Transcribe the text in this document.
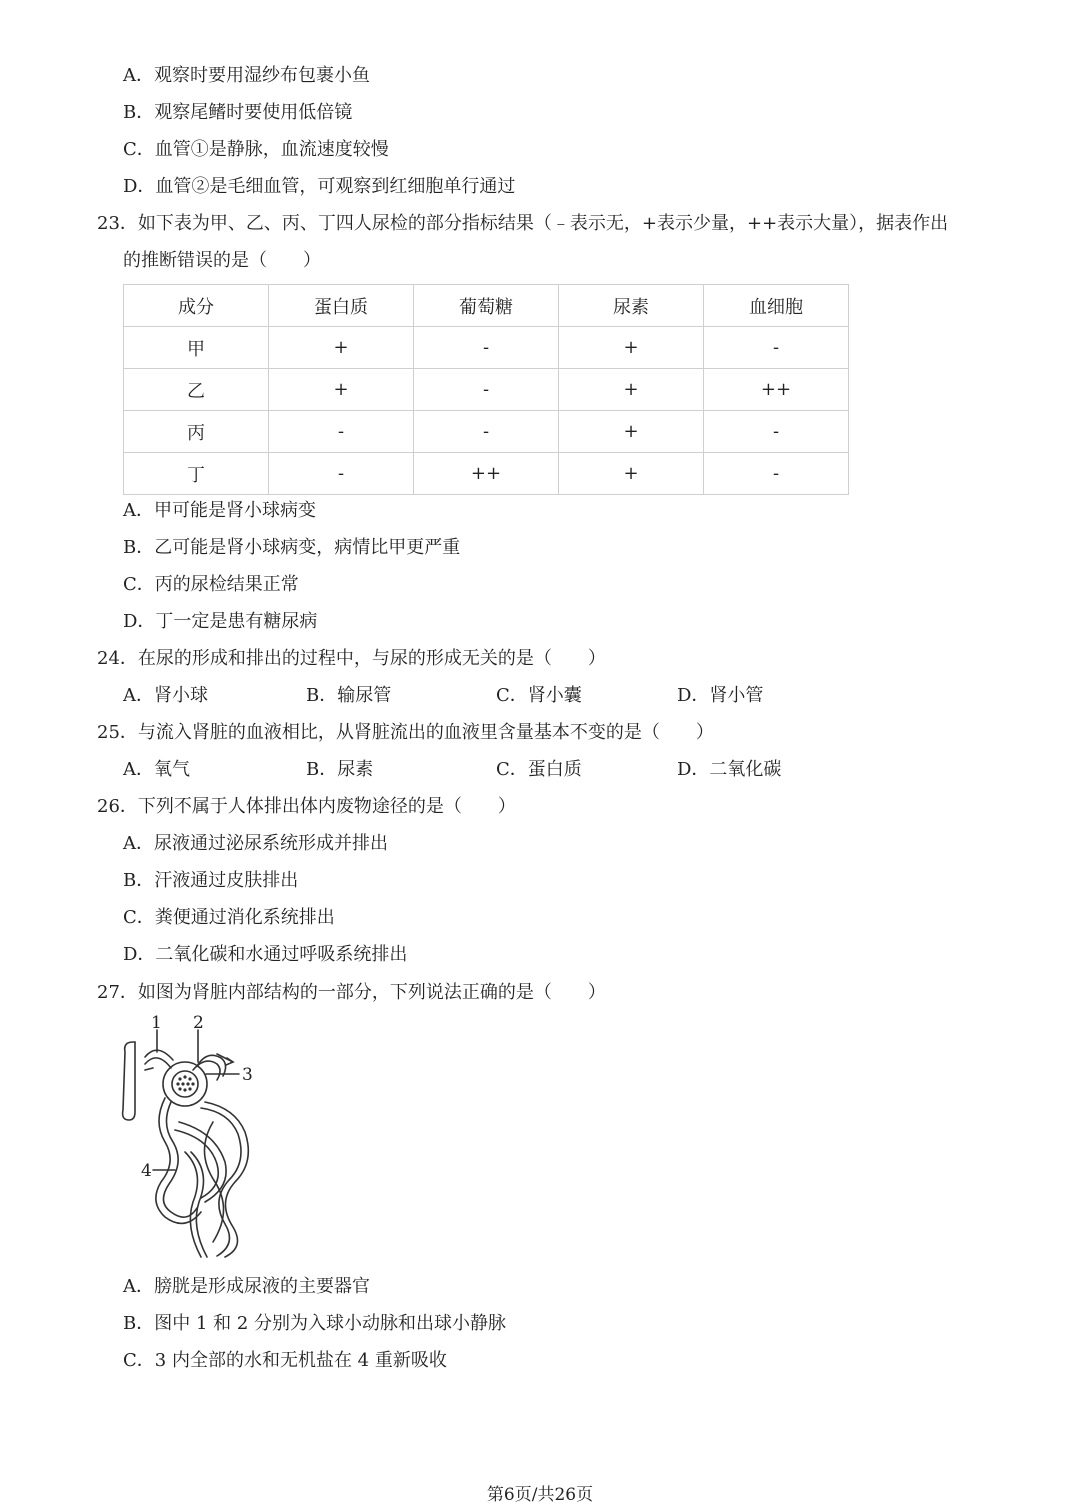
A．观察时要用湿纱布包裹小鱼
B．观察尾鳍时要使用低倍镜
C．血管①是静脉，血流速度较慢
D．血管②是毛细血管，可观察到红细胞单行通过
23．如下表为甲、乙、丙、丁四人尿检的部分指标结果（﹣表示无，+表示少量，++表示大量），据表作出
的推断错误的是（　　）
成分	蛋白质	葡萄糖	尿素	血细胞
甲	+	-	+	-
乙	+	-	+	++
丙	-	-	+	-
丁	-	++	+	-
A．甲可能是肾小球病变
B．乙可能是肾小球病变，病情比甲更严重
C．丙的尿检结果正常
D．丁一定是患有糖尿病
24．在尿的形成和排出的过程中，与尿的形成无关的是（　　）
A．肾小球	B．输尿管	C．肾小囊	D．肾小管
25．与流入肾脏的血液相比，从肾脏流出的血液里含量基本不变的是（　　）
A．氧气	B．尿素	C．蛋白质	D．二氧化碳
26．下列不属于人体排出体内废物途径的是（　　）
A．尿液通过泌尿系统形成并排出
B．汗液通过皮肤排出
C．粪便通过消化系统排出
D．二氧化碳和水通过呼吸系统排出
27．如图为肾脏内部结构的一部分，下列说法正确的是（　　）
1 2
3
4
A．膀胱是形成尿液的主要器官
B．图中 1 和 2 分别为入球小动脉和出球小静脉
C．3 内全部的水和无机盐在 4 重新吸收
第6页/共26页
